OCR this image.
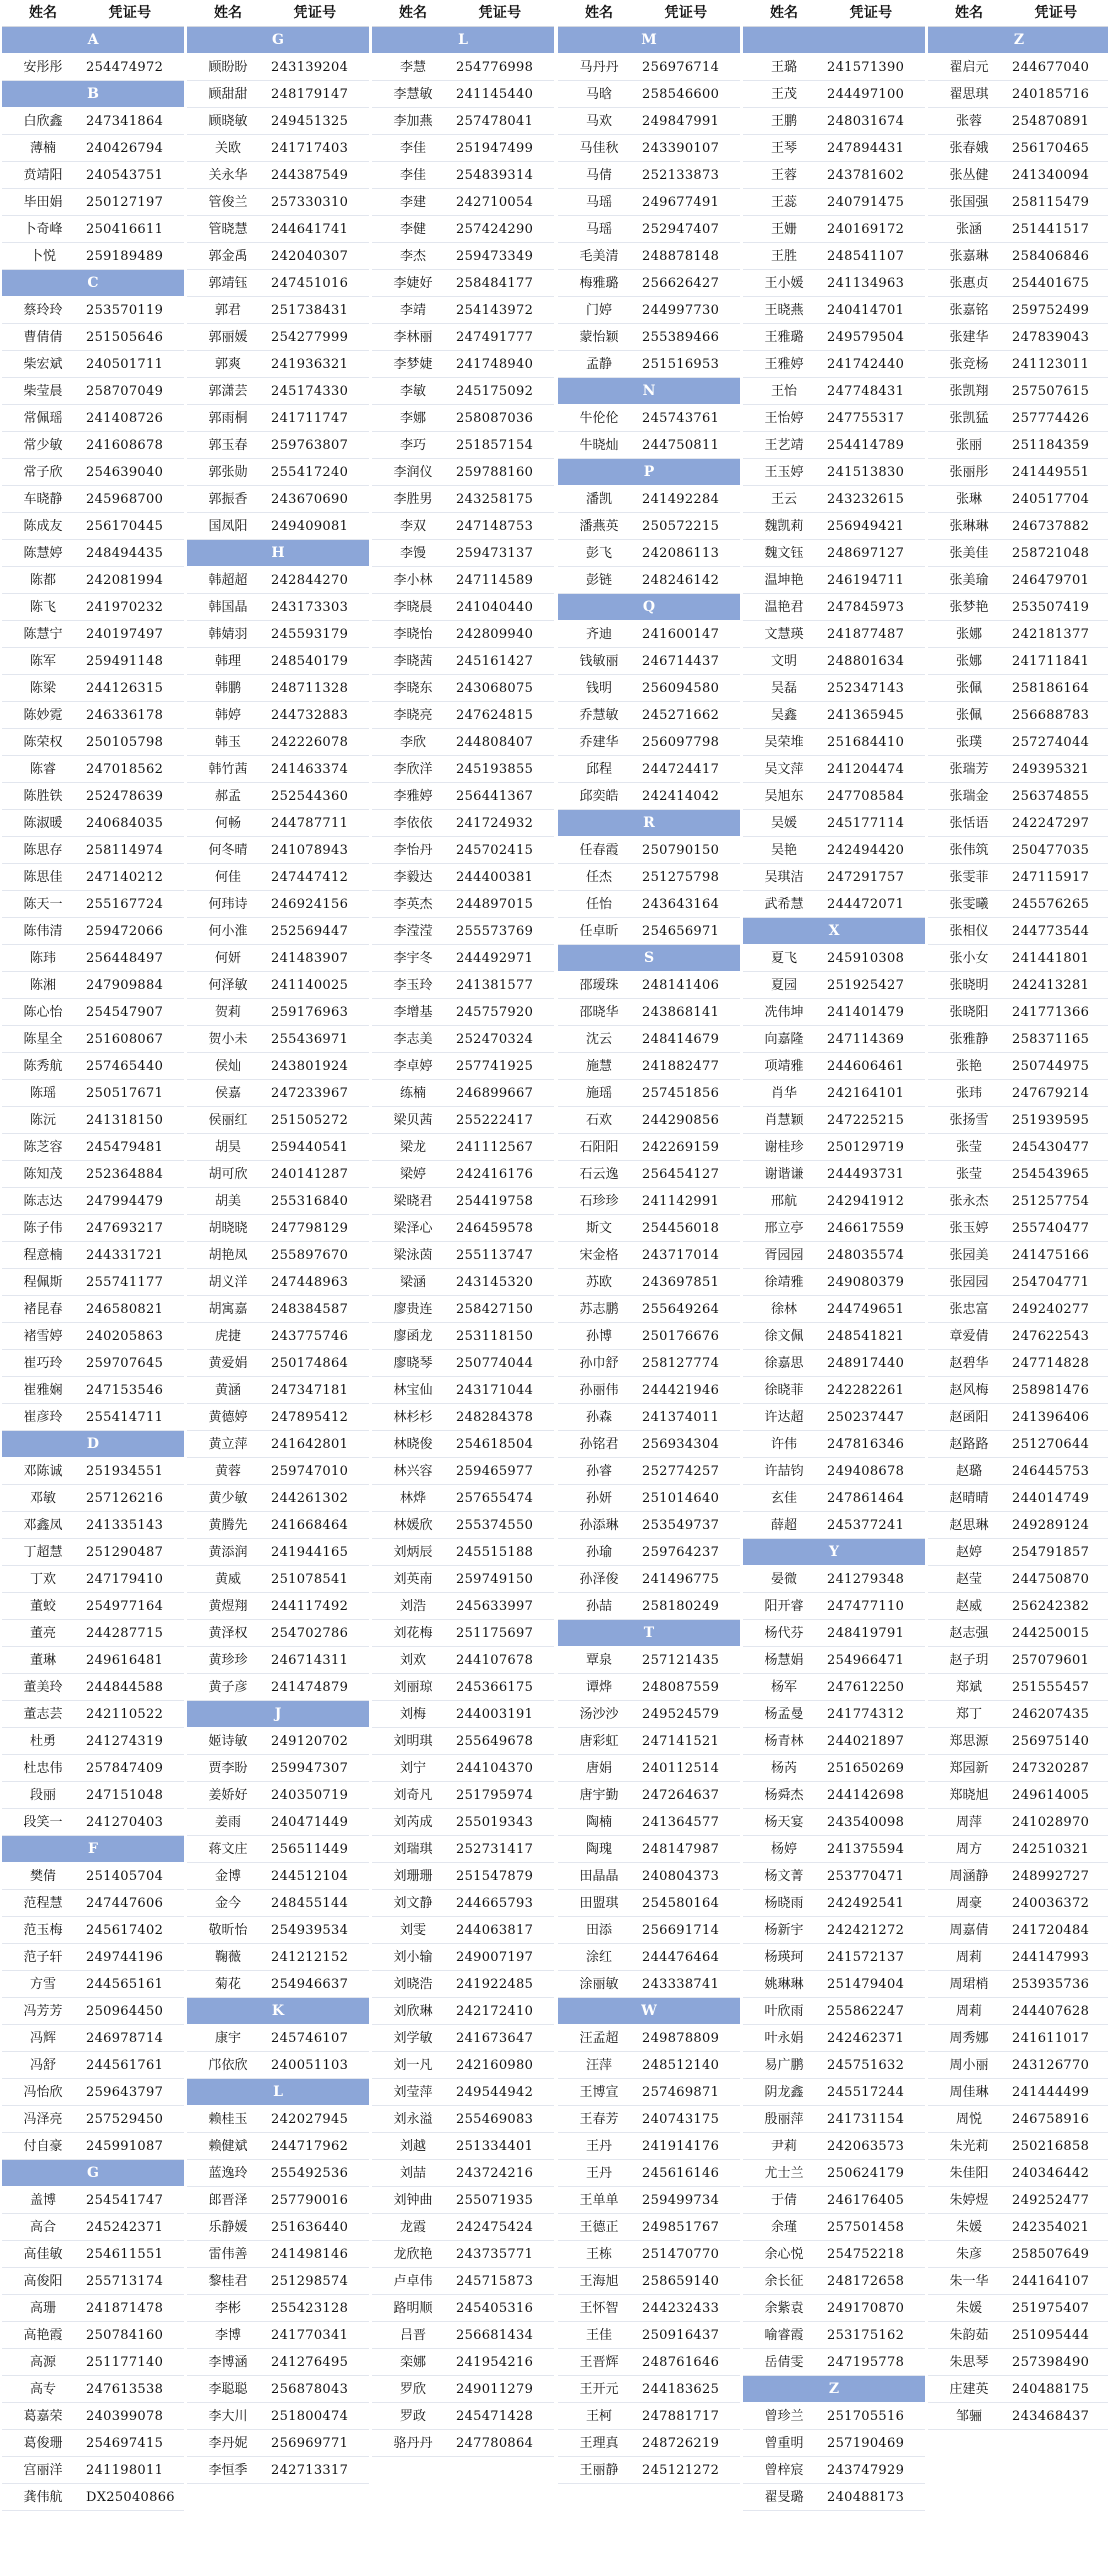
姓名	凭证号
A
安彤彤	254474972
B
白欣鑫	247341864
薄楠	240426794
贲靖阳	240543751
毕田娟	250127197
卜奇峰	250416611
卜悦	259189489
C
蔡玲玲	253570119
曹倩倩	251505646
柴宏斌	240501711
柴莹晨	258707049
常佩瑶	241408726
常少敏	241608678
常子欣	254639040
车晓静	245968700
陈成友	256170445
陈慧婷	248494435
陈都	242081994
陈飞	241970232
陈慧宁	240197497
陈军	259491148
陈梁	244126315
陈妙霓	246336178
陈荣权	250105798
陈睿	247018562
陈胜铁	252478639
陈淑暖	240684035
陈思存	258114974
陈思佳	247140212
陈天一	255167724
陈伟清	259472066
陈玮	256448497
陈湘	247909884
陈心怡	254547907
陈星全	251608067
陈秀航	257465440
陈瑶	250517671
陈沅	241318150
陈芝容	245479481
陈知茂	252364884
陈志达	247994479
陈子伟	247693217
程意楠	244331721
程佩斯	255741177
褚昆春	246580821
褚雪婷	240205863
崔巧玲	259707645
崔雅娴	247153546
崔彦玲	255414711
D
邓陈诚	251934551
邓敏	257126216
邓鑫凤	241335143
丁超慧	251290487
丁欢	247179410
董蛟	254977164
董亮	244287715
董琳	249616481
董美玲	244844588
董志芸	242110522
杜勇	241274319
杜忠伟	257847409
段丽	247151048
段笑一	241270403
F
樊倩	251405704
范程慧	247447606
范玉梅	245617402
范子轩	249744196
方雪	244565161
冯芳芳	250964450
冯辉	246978714
冯舒	244561761
冯怡欣	259643797
冯泽亮	257529450
付自豪	245991087
G
盖博	254541747
高合	245242371
高佳敏	254611551
高俊阳	255713174
高珊	241871478
高艳霞	250784160
高源	251177140
高专	247613538
葛嘉荣	240399078
葛俊珊	254697415
宫丽洋	241198011
龚伟航	DX25040866
姓名	凭证号
G
顾盼盼	243139204
顾甜甜	248179147
顾晓敏	249451325
关欧	241717403
关永华	244387549
管俊兰	257330310
管晓慧	244641741
郭金禹	242040307
郭靖钰	247451016
郭君	251738431
郭丽媛	254277999
郭爽	241936321
郭潇芸	245174330
郭雨桐	241711747
郭玉春	259763807
郭张勋	255417240
郭振香	243670690
国凤阳	249409081
H
韩超超	242844270
韩国晶	243173303
韩婧羽	245593179
韩理	248540179
韩鹏	248711328
韩婷	244732883
韩玉	242226078
韩竹茜	241463374
郝孟	252544360
何畅	244787711
何冬晴	241078943
何佳	247447412
何玮诗	246924156
何小淮	252569447
何妍	241483907
何泽敏	241140025
贺莉	259176963
贺小未	255436971
侯灿	243801924
侯嘉	247233967
侯丽红	251505272
胡昊	259440541
胡可欣	240141287
胡美	255316840
胡晓晓	247798129
胡艳凤	255897670
胡义洋	247448963
胡寓嘉	248384587
虎捷	243775746
黄爱娟	250174864
黄涵	247347181
黄德婷	247895412
黄立萍	241642801
黄蓉	259747010
黄少敏	244261302
黄腾先	241668464
黄添润	241944165
黄威	251078541
黄煜翔	244117492
黄泽权	254702786
黄珍珍	246714311
黄子彦	241474879
J
姬诗敏	249120702
贾李盼	259947307
姜娇好	240350719
姜雨	240471449
蒋文庄	256511449
金博	244512104
金今	248455144
敬昕怡	254939534
鞠薇	241212152
菊花	254946637
K
康宇	245746107
邝依欣	240051103
L
赖桂玉	242027945
赖健斌	244717962
蓝逸玲	255492536
郎晋泽	257790016
乐静媛	251636440
雷伟善	241498146
黎桂君	251298574
李彬	255423128
李博	241770341
李博涵	241276495
李聪聪	256878043
李大川	251800474
李丹妮	256969771
李恒季	242713317
姓名	凭证号
L
李慧	254776998
李慧敏	241145440
李加燕	257478041
李佳	251947499
李佳	254839314
李建	242710054
李健	257424290
李杰	259473349
李婕好	258484177
李靖	254143972
李林丽	247491777
李梦婕	241748940
李敏	245175092
李娜	258087036
李巧	251857154
李润仪	259788160
李胜男	243258175
李双	247148753
李馒	259473137
李小林	247114589
李晓晨	241040440
李晓怡	242809940
李晓茜	245161427
李晓东	243068075
李晓亮	247624815
李欣	244808407
李欣洋	245193855
李雅婷	256441367
李依依	241724932
李怡丹	245702415
李毅达	244400381
李英杰	244897015
李滢滢	255573769
李宇冬	244492971
李玉玲	241381577
李增基	245757920
李志美	252470324
李卓婷	257741925
练楠	246899667
梁贝茜	255222417
梁龙	241112567
梁婷	242416176
梁晓君	254419758
梁泽心	246459578
梁泳茵	255113747
梁涵	243145320
廖贵连	258427150
廖函龙	253118150
廖晓琴	250774044
林宝仙	243171044
林杉杉	248284378
林晓俊	254618504
林兴容	259465977
林烨	257655474
林媛欣	255374550
刘炳辰	245515188
刘英南	259749150
刘浩	245633997
刘花梅	251175697
刘欢	244107678
刘丽琼	245366175
刘梅	244003191
刘明琪	255649678
刘宁	244104370
刘奇凡	251795974
刘芮成	255019343
刘瑞琪	252731417
刘珊珊	251547879
刘文静	244665793
刘雯	244063817
刘小输	249007197
刘晓浩	241922485
刘欣琳	242172410
刘学敏	241673647
刘一凡	242160980
刘莹萍	249544942
刘永溢	255469083
刘越	251334401
刘喆	243724216
刘钟曲	255071935
龙霞	242475424
龙欣艳	243735771
卢卓伟	245715873
路明顺	245405316
吕晋	256681434
栾娜	241954216
罗欣	249011279
罗政	245471428
骆丹丹	247780864
姓名	凭证号
M
马丹丹	256976714
马晗	258546600
马欢	249847991
马佳秋	243390107
马倩	252133873
马瑶	249677491
马瑶	252947407
毛美清	248878148
梅雅璐	256626427
门婷	244997730
蒙怡颖	255389466
孟静	251516953
N
牛伦伦	245743761
牛晓灿	244750811
P
潘凯	241492284
潘燕英	250572215
彭飞	242086113
彭链	248246142
Q
齐迪	241600147
钱敏丽	246714437
钱明	256094580
乔慧敏	245271662
乔建华	256097798
邱程	244724417
邱奕皓	242414042
R
任春霞	250790150
任杰	251275798
任怡	243643164
任卓昕	254656971
S
邵瑷珠	248141406
邵晓华	243868141
沈云	248414679
施慧	241882477
施瑶	257451856
石欢	244290856
石阳阳	242269159
石云逸	256454127
石珍珍	241142991
斯文	254456018
宋金格	243717014
苏欧	243697851
苏志鹏	255649264
孙博	250176676
孙巾舒	258127774
孙丽伟	244421946
孙森	241374011
孙铭君	256934304
孙睿	252774257
孙妍	251014640
孙添琳	253549737
孙瑜	259764237
孙泽俊	241496775
孙喆	258180249
T
覃泉	257121435
谭烨	248087559
汤沙沙	249524579
唐彩虹	247141521
唐娟	240112514
唐宇勤	247264637
陶楠	241364577
陶瑰	248147987
田晶晶	240804373
田盟琪	254580164
田添	256691714
涂红	244476464
涂丽敏	243338741
W
汪孟超	249878809
汪萍	248512140
王博宣	257469871
王春芳	240743175
王丹	241914176
王丹	245616146
王单单	259499734
王德正	249851767
王栋	251470770
王海旭	258659140
王怀智	244232433
王佳	250916437
王晋辉	248761646
王开元	244183625
王柯	247881717
王理真	248726219
王丽静	245121272
姓名	凭证号
王璐	241571390
王茂	244497100
王鹏	248031674
王琴	247894431
王蓉	243781602
王蕊	240791475
王姗	240169172
王胜	248541107
王小媛	241134963
王晓燕	240414701
王雅璐	249579504
王雅婷	241742440
王怡	247748431
王怡婷	247755317
王艺靖	254414789
王玉婷	241513830
王云	243232615
魏凯莉	256949421
魏文钰	248697127
温坤艳	246194711
温艳君	247845973
文慧瑛	241877487
文明	248801634
吴磊	252347143
吴鑫	241365945
吴荣堆	251684410
吴文萍	241204474
吴旭东	247708584
吴媛	245177114
吴艳	242494420
吴琪洁	247291757
武希慧	244472071
X
夏飞	245910308
夏园	251925427
冼伟坤	241401479
向嘉隆	247114369
项靖雅	244606461
肖华	242164101
肖慧颖	247225215
谢桂珍	250129719
谢谐谦	244493731
邢航	242941912
邢立亭	246617559
胥园园	248035574
徐靖雅	249080379
徐林	244749651
徐文佩	248541821
徐嘉思	248917440
徐晓菲	242282261
许达超	250237447
许伟	247816346
许喆钧	249408678
玄佳	247861464
薛超	245377241
Y
晏微	241279348
阳开睿	247477110
杨代芬	248419791
杨慧娟	254966471
杨军	247612250
杨孟曼	241774312
杨青林	244021897
杨芮	251650269
杨舜杰	244142698
杨天宴	243540098
杨婷	241375594
杨文菁	253770471
杨晓雨	242492541
杨新宇	242421272
杨瑛珂	241572137
姚琳琳	251479404
叶欣雨	255862247
叶永娟	242462371
易广鹏	245751632
阴龙鑫	245517244
殷丽萍	241731154
尹莉	242063573
尤士兰	250624179
于倩	246176405
余瑾	257501458
余心悦	254752218
余长征	248172658
余紫袁	249170870
喻睿霞	253175162
岳倩雯	247195778
Z
曾珍兰	251705516
曾重明	257190469
曾梓宸	243747929
翟旻璐	240488173
姓名	凭证号
Z
翟启元	244677040
翟思琪	240185716
张蓉	254870891
张春娥	256170465
张丛健	241340094
张国强	258115479
张涵	251441517
张嘉琳	258406846
张惠贞	254401675
张嘉铭	259752499
张建华	247839043
张竞杨	241123011
张凯翔	257507615
张凯猛	257774426
张丽	251184359
张丽彤	241449551
张琳	240517704
张琳琳	246737882
张美佳	258721048
张美瑜	246479701
张梦艳	253507419
张娜	242181377
张娜	241711841
张佩	258186164
张佩	256688783
张璞	257274044
张瑞芳	249395321
张瑞金	256374855
张恬语	242247297
张伟筑	250477035
张雯菲	247115917
张雯曦	245576265
张相仪	244773544
张小女	241441801
张晓明	242413281
张晓阳	241771366
张雅静	258371165
张艳	250744975
张玮	247679214
张扬雪	251939595
张莹	245430477
张莹	254543965
张永杰	251257754
张玉婷	255740477
张园美	241475166
张园园	254704771
张忠富	249240277
章爱倩	247622543
赵碧华	247714828
赵风梅	258981476
赵函阳	241396406
赵路路	251270644
赵璐	246445753
赵晴晴	244014749
赵思琳	249289124
赵婷	254791857
赵莹	244750870
赵威	256242382
赵志强	244250015
赵子玥	257079601
郑斌	251555457
郑丁	246207435
郑思源	256975140
郑园新	247320287
郑晓旭	249614005
周萍	241028970
周方	242510321
周涵静	248992727
周豪	240036372
周嘉倩	241720484
周莉	244147993
周珺梢	253935736
周莉	244407628
周秀娜	241611017
周小丽	243126770
周佳琳	241444499
周悦	246758916
朱光莉	250216858
朱佳阳	240346442
朱婷煜	249252477
朱媛	242354021
朱彦	258507649
朱一华	244164107
朱媛	251975407
朱韵茹	251095444
朱思琴	257398490
庄建英	240488175
邹骊	243468437
